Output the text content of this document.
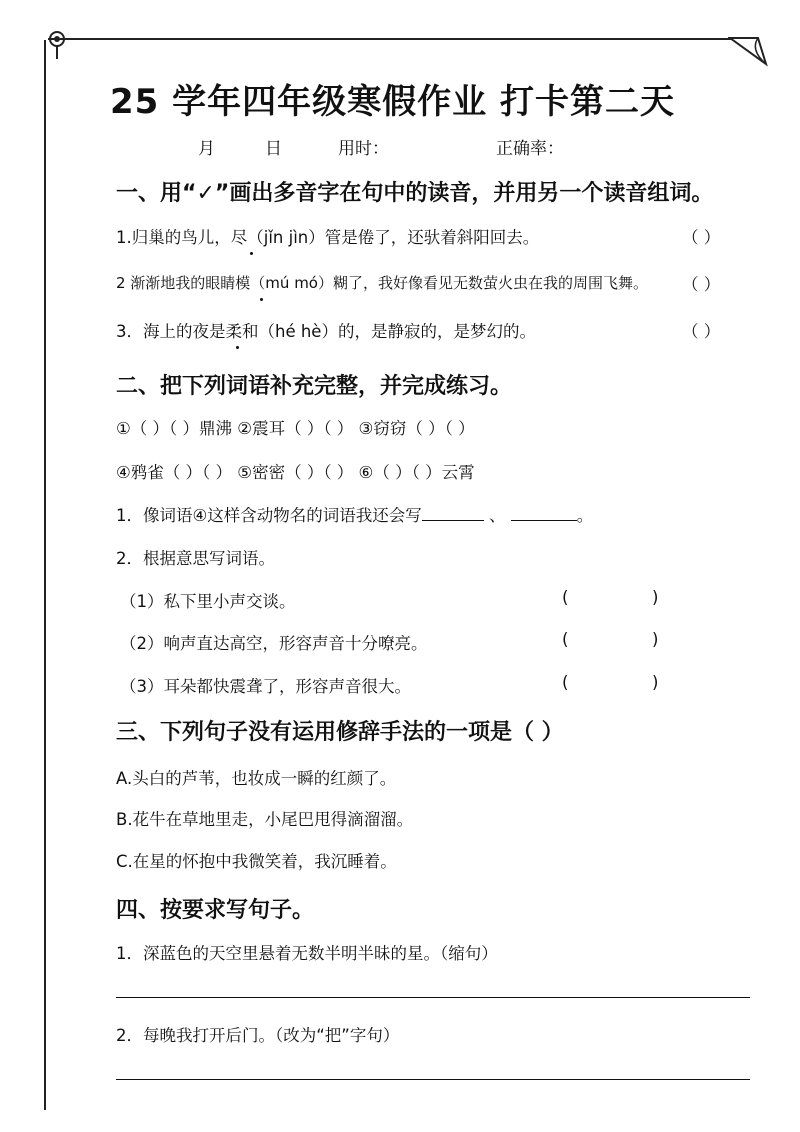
25 学年四年级寒假作业 打卡第二天
月	日	用时：	正确率：
一、用“✓”画出多音字在句中的读音，并用另一个读音组词。
1.归巢的鸟儿，尽（jǐn jìn）管是倦了，还驮着斜阳回去。	（ ）
2 渐渐地我的眼睛模（mú mó）糊了，我好像看见无数萤火虫在我的周围飞舞。 （ ）
3．海上的夜是柔和（hé hè）的，是静寂的，是梦幻的。	（ ）
二、把下列词语补充完整，并完成练习。
①（ ）（ ）鼎沸 ②震耳（ ）（ ） ③窃窃（ ）（ ）
④鸦雀（ ）（ ） ⑤密密（ ）（ ） ⑥（ ）（ ）云霄
1．像词语④这样含动物名的词语我还会写	、	。
2．根据意思写词语。
（1）私下里小声交谈。	(	)
（2）响声直达高空，形容声音十分嘹亮。	(	)
（3）耳朵都快震聋了，形容声音很大。	(	)
三、下列句子没有运用修辞手法的一项是（ ）
A.头白的芦苇，也妆成一瞬的红颜了。
B.花牛在草地里走，小尾巴甩得滴溜溜。
C.在星的怀抱中我微笑着，我沉睡着。
四、按要求写句子。
1．深蓝色的天空里悬着无数半明半昧的星。（缩句）
2．每晚我打开后门。（改为“把”字句）
